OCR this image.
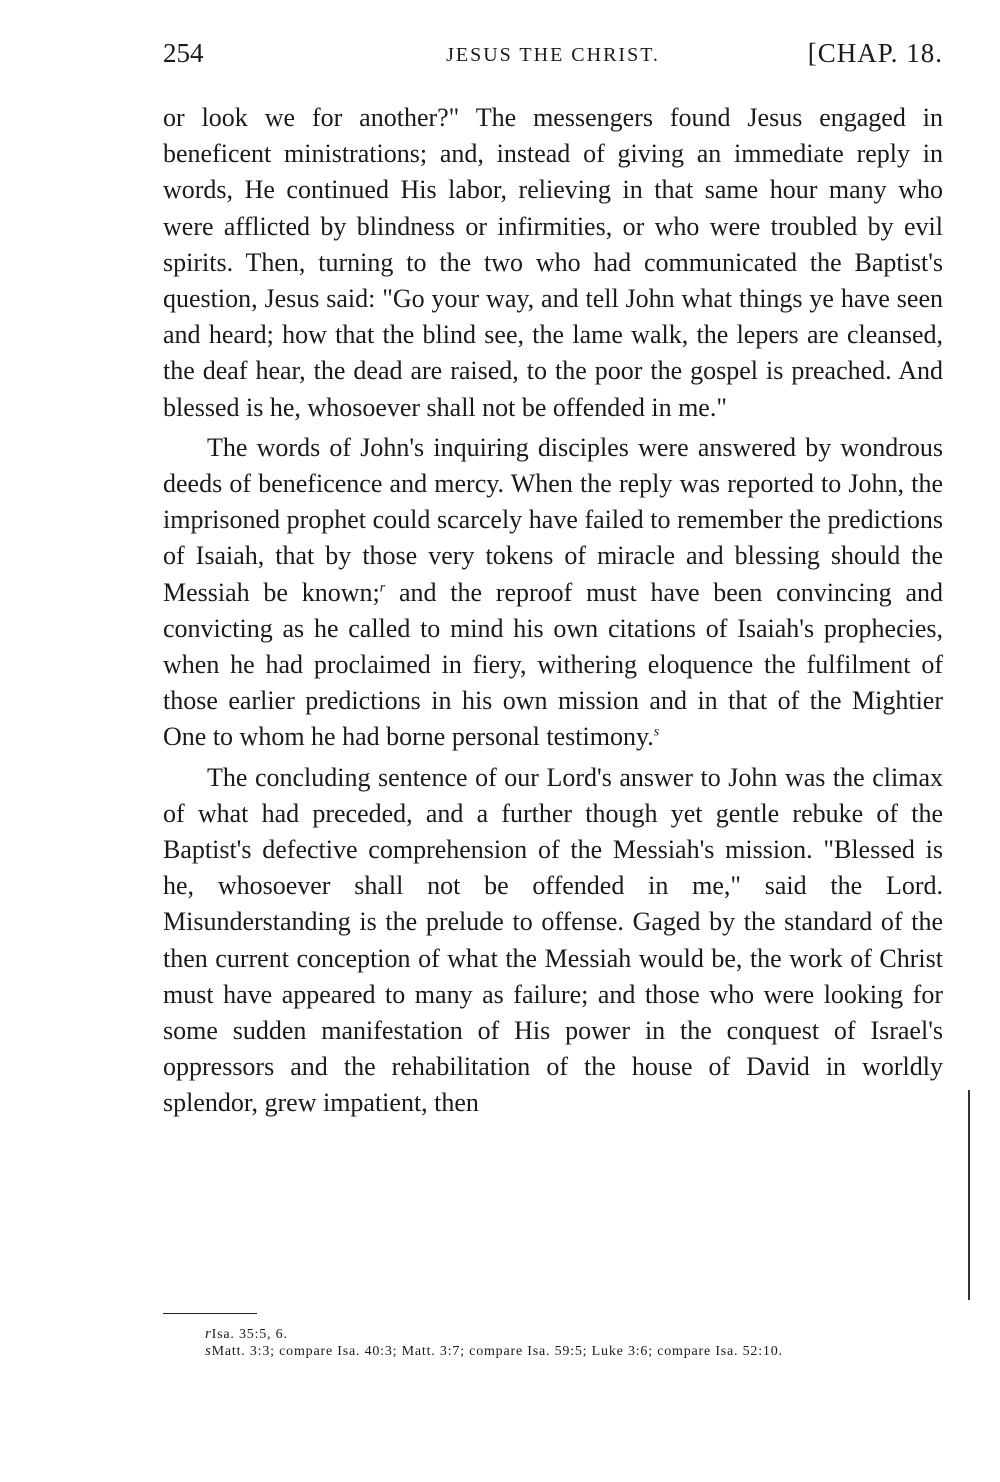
254	JESUS THE CHRIST.	[CHAP. 18.

or look we for another?" The messengers found Jesus engaged in beneficent ministrations; and, instead of giving an immediate reply in words, He continued His labor, relieving in that same hour many who were afflicted by blindness or infirmities, or who were troubled by evil spirits. Then, turning to the two who had communicated the Baptist's question, Jesus said: "Go your way, and tell John what things ye have seen and heard; how that the blind see, the lame walk, the lepers are cleansed, the deaf hear, the dead are raised, to the poor the gospel is preached. And blessed is he, whosoever shall not be offended in me."

The words of John's inquiring disciples were answered by wondrous deeds of beneficence and mercy. When the reply was reported to John, the imprisoned prophet could scarcely have failed to remember the predictions of Isaiah, that by those very tokens of miracle and blessing should the Messiah be known;$^r$ and the reproof must have been convincing and convicting as he called to mind his own citations of Isaiah's prophecies, when he had proclaimed in fiery, withering eloquence the fulfilment of those earlier predictions in his own mission and in that of the Mightier One to whom he had borne personal testimony.$^s$

The concluding sentence of our Lord's answer to John was the climax of what had preceded, and a further though yet gentle rebuke of the Baptist's defective comprehension of the Messiah's mission. "Blessed is he, whosoever shall not be offended in me," said the Lord. Misunderstanding is the prelude to offense. Gaged by the standard of the then current conception of what the Messiah would be, the work of Christ must have appeared to many as failure; and those who were looking for some sudden manifestation of His power in the conquest of Israel's oppressors and the rehabilitation of the house of David in worldly splendor, grew impatient, then

rIsa. 35:5, 6.

sMatt. 3:3; compare Isa. 40:3; Matt. 3:7; compare Isa. 59:5; Luke 3:6; compare Isa. 52:10.
